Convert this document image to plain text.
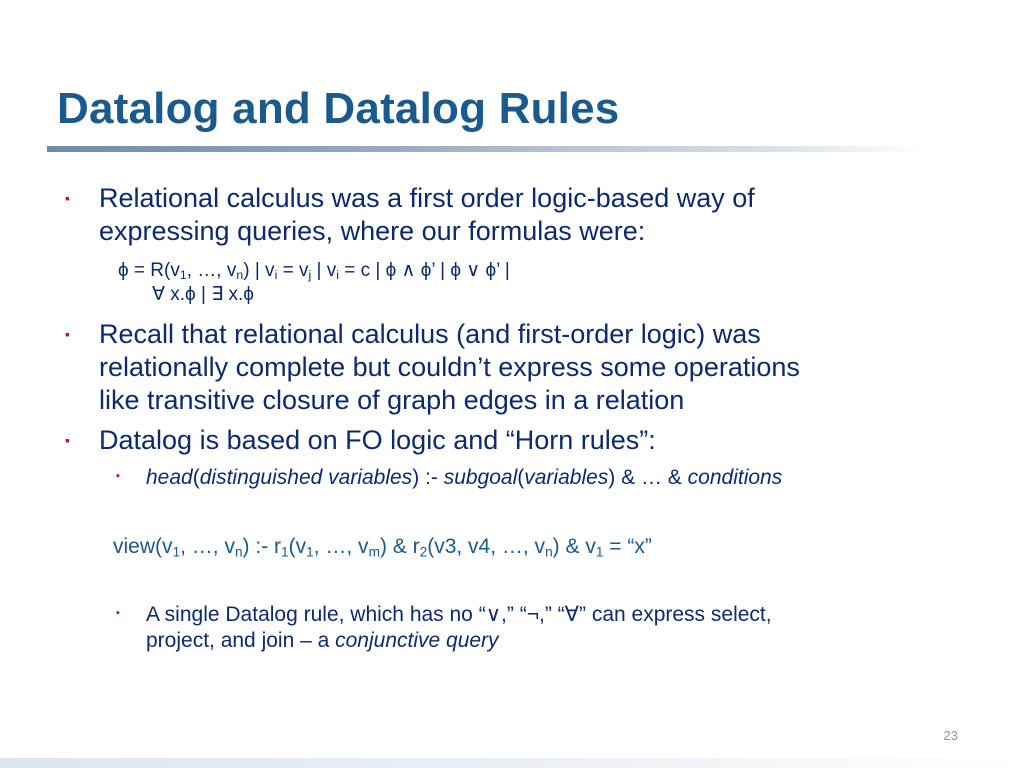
Datalog and Datalog Rules
▪ Relational calculus was a first order logic-based way of
expressing queries, where our formulas were:
$\phi = R(v_1$, …, $v_n$) | $v_i = v_j$ | $v_i = c$ | ϕ ∧ ϕ’ | ϕ ∨ ϕ’ |
∀ x.ϕ | ∃ x.ϕ
▪ Recall that relational calculus (and first-order logic) was
relationally complete but couldn’t express some operations
like transitive closure of graph edges in a relation
▪ Datalog is based on FO logic and “Horn rules”:
▪ head(distinguished variables) :- subgoal(variables) & … & conditions
$view(v_1$, …, $v_n$) :- $r_1(v_1$, …, $v_m$) & $r_2(v3$, v4, …, $v_n$) & $v_1$ = “x”
▪ A single Datalog rule, which has no “∨,” “¬,” “∀” can express select,
project, and join – a conjunctive query
23
